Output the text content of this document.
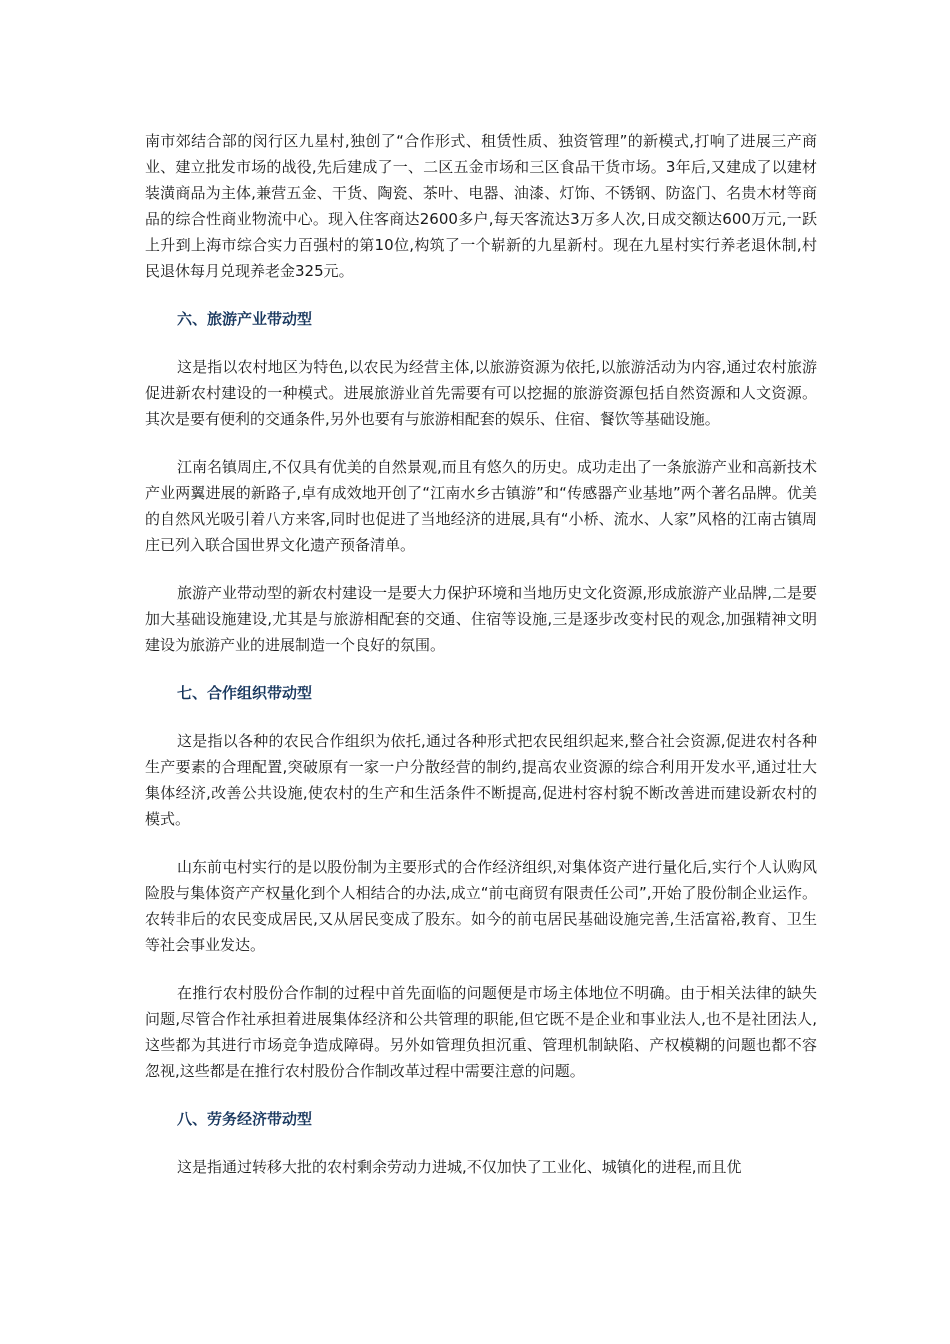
南市郊结合部的闵行区九星村,独创了“合作形式、租赁性质、独资管理”的新模式,打响了进展三产商业、建立批发市场的战役,先后建成了一、二区五金市场和三区食品干货市场。3年后,又建成了以建材装潢商品为主体,兼营五金、干货、陶瓷、茶叶、电器、油漆、灯饰、不锈钢、防盗门、名贵木材等商品的综合性商业物流中心。现入住客商达2600多户,每天客流达3万多人次,日成交额达600万元,一跃上升到上海市综合实力百强村的第10位,构筑了一个崭新的九星新村。现在九星村实行养老退休制,村民退休每月兑现养老金325元。

六、旅游产业带动型

这是指以农村地区为特色,以农民为经营主体,以旅游资源为依托,以旅游活动为内容,通过农村旅游促进新农村建设的一种模式。进展旅游业首先需要有可以挖掘的旅游资源包括自然资源和人文资源。其次是要有便利的交通条件,另外也要有与旅游相配套的娱乐、住宿、餐饮等基础设施。

江南名镇周庄,不仅具有优美的自然景观,而且有悠久的历史。成功走出了一条旅游产业和高新技术产业两翼进展的新路子,卓有成效地开创了“江南水乡古镇游”和“传感器产业基地”两个著名品牌。优美的自然风光吸引着八方来客,同时也促进了当地经济的进展,具有“小桥、流水、人家”风格的江南古镇周庄已列入联合国世界文化遗产预备清单。

旅游产业带动型的新农村建设一是要大力保护环境和当地历史文化资源,形成旅游产业品牌,二是要加大基础设施建设,尤其是与旅游相配套的交通、住宿等设施,三是逐步改变村民的观念,加强精神文明建设为旅游产业的进展制造一个良好的氛围。

七、合作组织带动型

这是指以各种的农民合作组织为依托,通过各种形式把农民组织起来,整合社会资源,促进农村各种生产要素的合理配置,突破原有一家一户分散经营的制约,提高农业资源的综合利用开发水平,通过壮大集体经济,改善公共设施,使农村的生产和生活条件不断提高,促进村容村貌不断改善进而建设新农村的模式。

山东前屯村实行的是以股份制为主要形式的合作经济组织,对集体资产进行量化后,实行个人认购风险股与集体资产产权量化到个人相结合的办法,成立“前屯商贸有限责任公司”,开始了股份制企业运作。农转非后的农民变成居民,又从居民变成了股东。如今的前屯居民基础设施完善,生活富裕,教育、卫生等社会事业发达。

在推行农村股份合作制的过程中首先面临的问题便是市场主体地位不明确。由于相关法律的缺失问题,尽管合作社承担着进展集体经济和公共管理的职能,但它既不是企业和事业法人,也不是社团法人,这些都为其进行市场竞争造成障碍。另外如管理负担沉重、管理机制缺陷、产权模糊的问题也都不容忽视,这些都是在推行农村股份合作制改革过程中需要注意的问题。

八、劳务经济带动型

这是指通过转移大批的农村剩余劳动力进城,不仅加快了工业化、城镇化的进程,而且优
